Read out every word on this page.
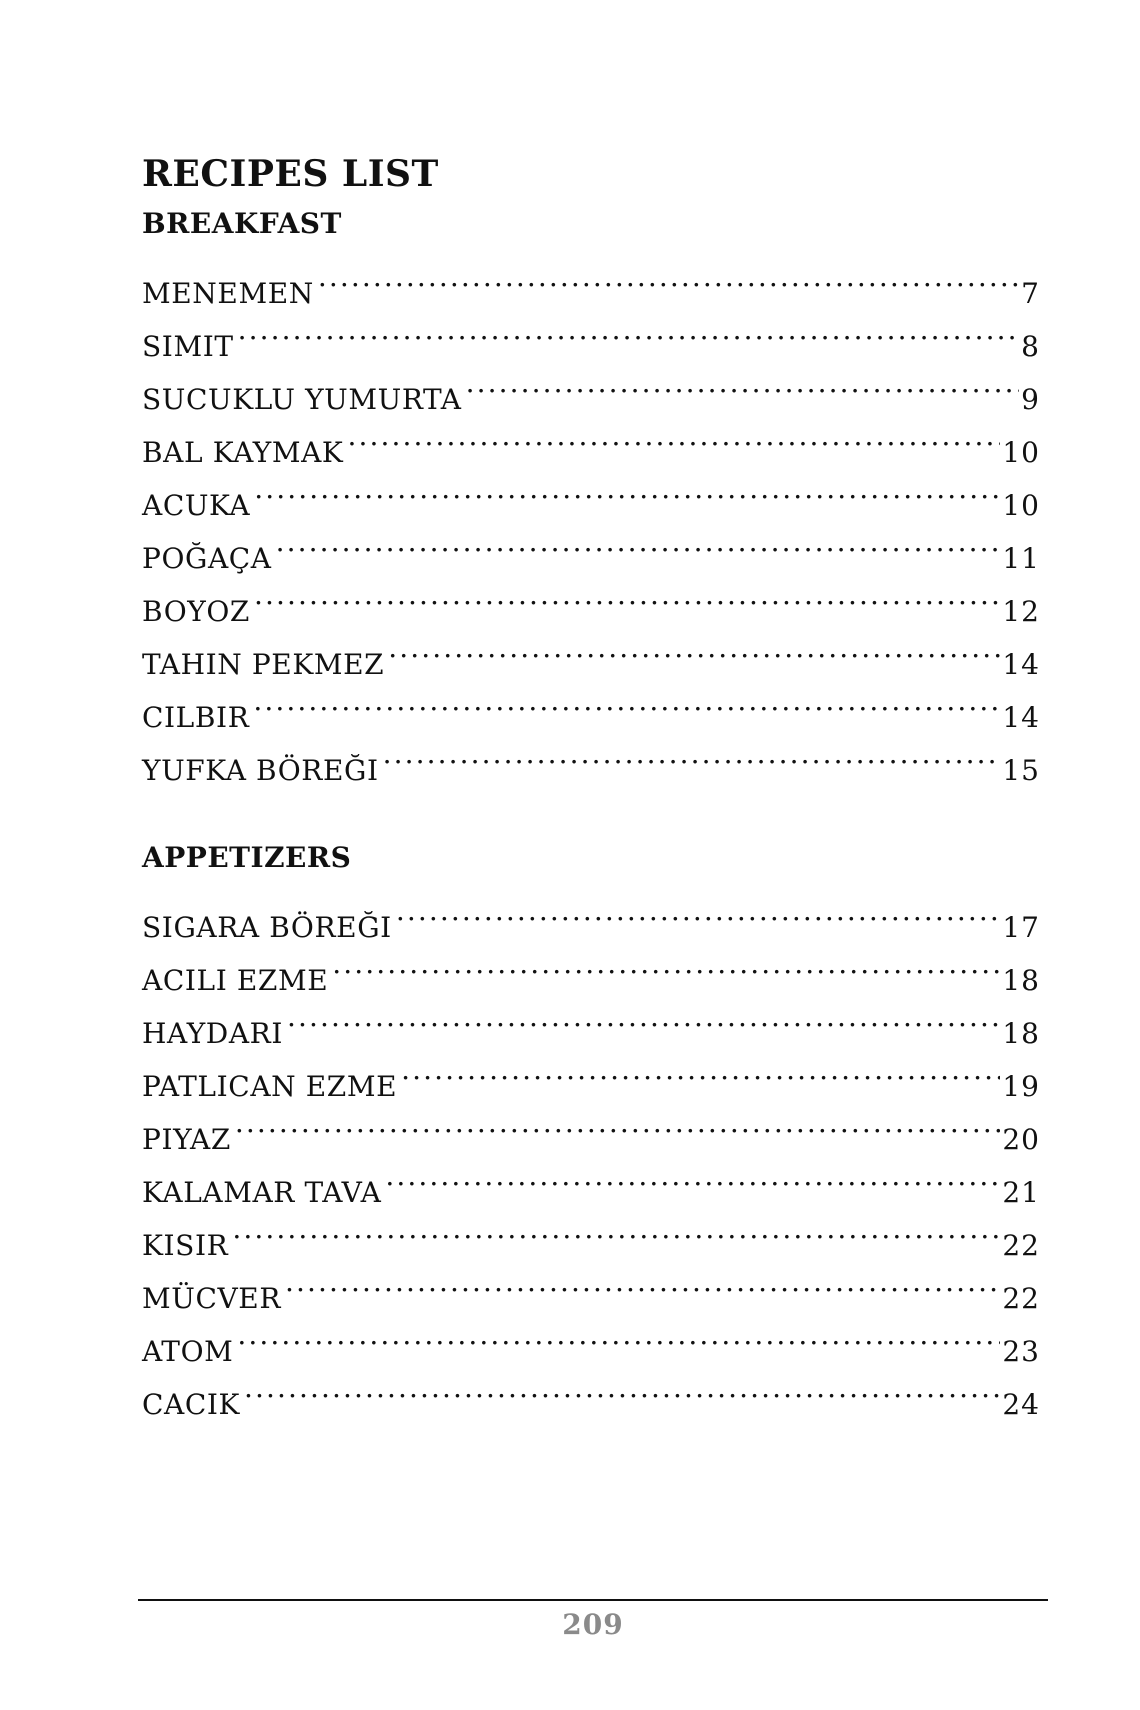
RECIPES LIST
BREAKFAST
MENEMEN .....	7
SIMIT .....	8
SUCUKLU YUMURTA .....	9
BAL KAYMAK .....	10
ACUKA .....	10
POĞAÇA .....	11
BOYOZ .....	12
TAHIN PEKMEZ .....	14
CILBIR .....	14
YUFKA BÖREĞI .....	15
APPETIZERS
SIGARA BÖREĞI .....	17
ACILI EZME .....	18
HAYDARI .....	18
PATLICAN EZME .....	19
PIYAZ .....	20
KALAMAR TAVA .....	21
KISIR .....	22
MÜCVER .....	22
ATOM .....	23
CACIK .....	24
209
